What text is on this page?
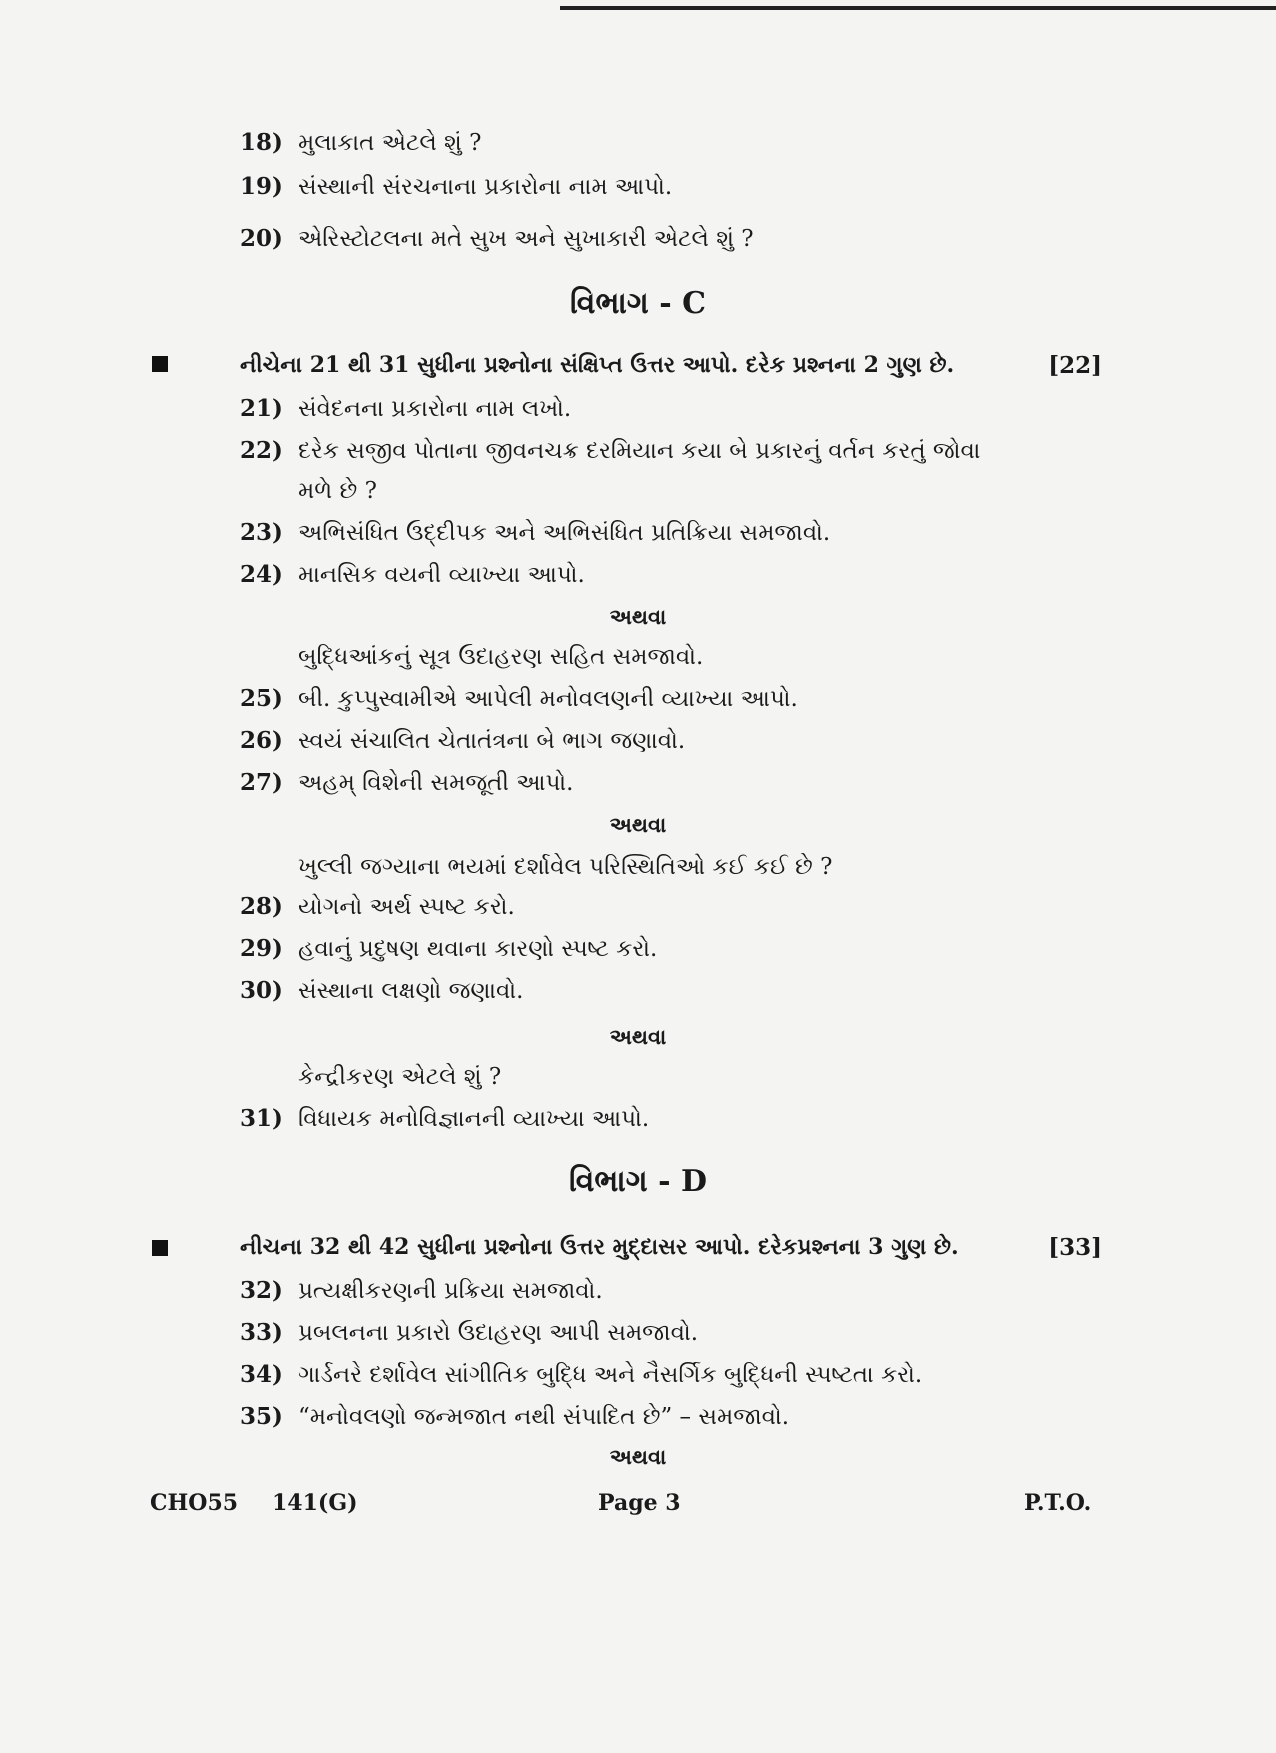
18) મુલાકાત એટલે શું ?
19) સંસ્થાની સંરચનાના પ્રકારોના નામ આપો.
20) એરિસ્ટોટલના મતે સુખ અને સુખાકારી એટલે શું ?
વિભાગ - C
નીચેના 21 થી 31 સુધીના પ્રશ્નોના સંક્ષિપ્ત ઉત્તર આપો. દરેક પ્રશ્નના 2 ગુણ છે.	[22]
21) સંવેદનના પ્રકારોના નામ લખો.
22) દરેક સજીવ પોતાના જીવનચક્ર દરમિયાન કયા બે પ્રકારનું વર્તન કરતું જોવા
મળે છે ?
23) અભિસંધિત ઉદ્દીપક અને અભિસંધિત પ્રતિક્રિયા સમજાવો.
24) માનસિક વયની વ્યાખ્યા આપો.
અથવા
બુદ્ધિઆંકનું સૂત્ર ઉદાહરણ સહિત સમજાવો.
25) બી. કુપ્પુસ્વામીએ આપેલી મનોવલણની વ્યાખ્યા આપો.
26) સ્વયં સંચાલિત ચેતાતંત્રના બે ભાગ જણાવો.
27) અહમ્ વિશેની સમજૂતી આપો.
અથવા
ખુલ્લી જગ્યાના ભયમાં દર્શાવેલ પરિસ્થિતિઓ કઈ કઈ છે ?
28) યોગનો અર્થ સ્પષ્ટ કરો.
29) હવાનું પ્રદુષણ થવાના કારણો સ્પષ્ટ કરો.
30) સંસ્થાના લક્ષણો જણાવો.
અથવા
કેન્દ્રીકરણ એટલે શું ?
31) વિધાયક મનોવિજ્ઞાનની વ્યાખ્યા આપો.
વિભાગ - D
નીચના 32 થી 42 સુધીના પ્રશ્નોના ઉત્તર મુદ્દાસર આપો. દરેકપ્રશ્નના 3 ગુણ છે.	[33]
32) પ્રત્યક્ષીકરણની પ્રક્રિયા સમજાવો.
33) પ્રબલનના પ્રકારો ઉદાહરણ આપી સમજાવો.
34) ગાર્ડનરે દર્શાવેલ સાંગીતિક બુદ્ધિ અને નૈસર્ગિક બુદ્ધિની સ્પષ્ટતા કરો.
35) “મનોવલણો જન્મજાત નથી સંપાદિત છે” – સમજાવો.
અથવા
CHO55 141(G)	Page 3	P.T.O.
